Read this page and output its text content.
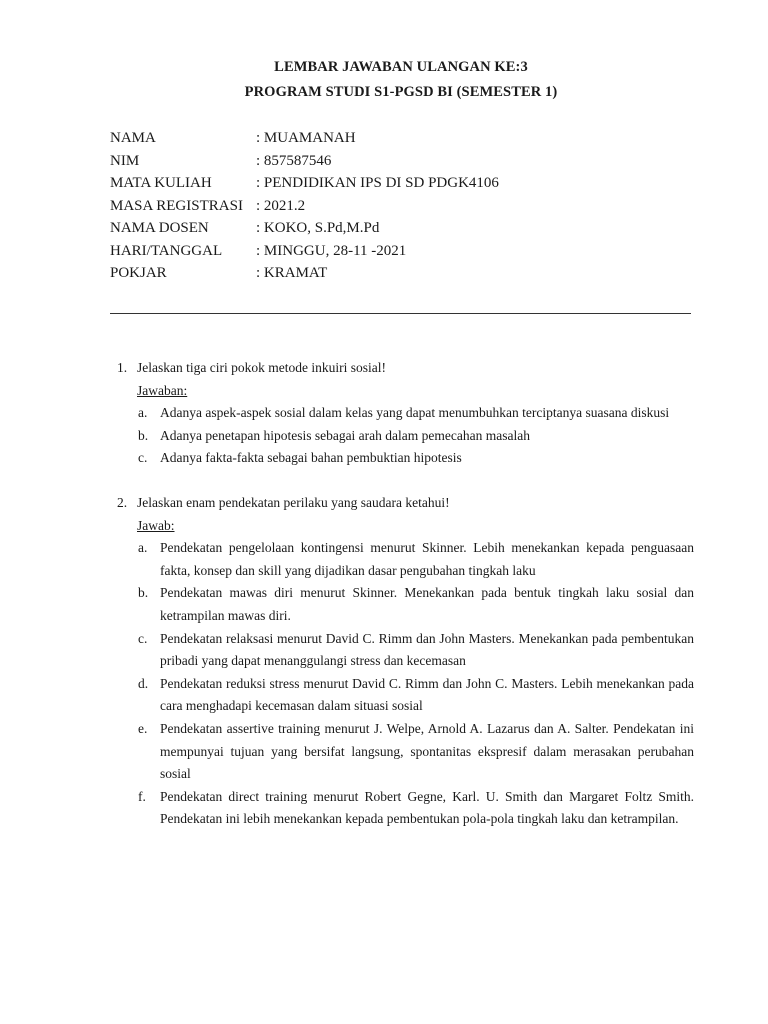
LEMBAR JAWABAN ULANGAN KE:3
PROGRAM STUDI S1-PGSD BI (SEMESTER 1)
NAMA	: MUAMANAH
NIM	: 857587546
MATA KULIAH	: PENDIDIKAN IPS DI SD PDGK4106
MASA REGISTRASI : 2021.2
NAMA DOSEN	: KOKO, S.Pd,M.Pd
HARI/TANGGAL	: MINGGU, 28-11 -2021
POKJAR	: KRAMAT
1. Jelaskan tiga ciri pokok metode inkuiri sosial!
Jawaban:
a. Adanya aspek-aspek sosial dalam kelas yang dapat menumbuhkan terciptanya suasana diskusi
b. Adanya penetapan hipotesis sebagai arah dalam pemecahan masalah
c. Adanya fakta-fakta sebagai bahan pembuktian hipotesis
2. Jelaskan enam pendekatan perilaku yang saudara ketahui!
Jawab:
a. Pendekatan pengelolaan kontingensi menurut Skinner. Lebih menekankan kepada penguasaan fakta, konsep dan skill yang dijadikan dasar pengubahan tingkah laku
b. Pendekatan mawas diri menurut Skinner. Menekankan pada bentuk tingkah laku sosial dan ketrampilan mawas diri.
c. Pendekatan relaksasi menurut David C. Rimm dan John Masters. Menekankan pada pembentukan pribadi yang dapat menanggulangi stress dan kecemasan
d. Pendekatan reduksi stress menurut David C. Rimm dan John C. Masters. Lebih menekankan pada cara menghadapi kecemasan dalam situasi sosial
e. Pendekatan assertive training menurut J. Welpe, Arnold A. Lazarus dan A. Salter. Pendekatan ini mempunyai tujuan yang bersifat langsung, spontanitas ekspresif dalam merasakan perubahan sosial
f. Pendekatan direct training menurut Robert Gegne, Karl. U. Smith dan Margaret Foltz Smith. Pendekatan ini lebih menekankan kepada pembentukan pola-pola tingkah laku dan ketrampilan.
